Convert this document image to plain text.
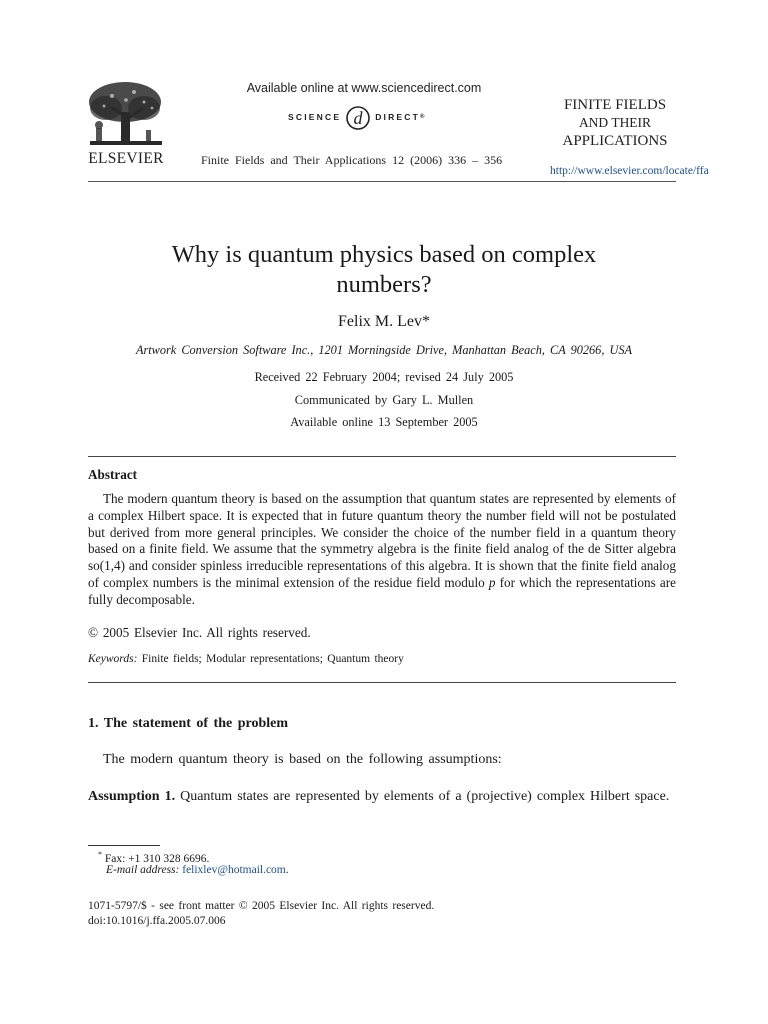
ELSEVIER
Available online at www.sciencedirect.com
SCIENCE d DIRECT ®
Finite Fields and Their Applications 12 (2006) 336 – 356
FINITE FIELDS
AND THEIR
APPLICATIONS
http://www.elsevier.com/locate/ffa
Why is quantum physics based on complex
numbers?
Felix M. Lev*
Artwork Conversion Software Inc., 1201 Morningside Drive, Manhattan Beach, CA 90266, USA
Received 22 February 2004; revised 24 July 2005
Communicated by Gary L. Mullen
Available online 13 September 2005
Abstract
The modern quantum theory is based on the assumption that quantum states are represented by elements of a complex Hilbert space. It is expected that in future quantum theory the number field will not be postulated but derived from more general principles. We consider the choice of the number field in a quantum theory based on a finite field. We assume that the symmetry algebra is the finite field analog of the de Sitter algebra so(1,4) and consider spinless irreducible representations of this algebra. It is shown that the finite field analog of complex numbers is the minimal extension of the residue field modulo p for which the representations are fully decomposable.
© 2005 Elsevier Inc. All rights reserved.
Keywords: Finite fields; Modular representations; Quantum theory
1. The statement of the problem
The modern quantum theory is based on the following assumptions:
Assumption 1. Quantum states are represented by elements of a (projective) complex Hilbert space.
* Fax: +1 310 328 6696.
E-mail address: felixlev@hotmail.com.
1071-5797/$ - see front matter © 2005 Elsevier Inc. All rights reserved.
doi:10.1016/j.ffa.2005.07.006
